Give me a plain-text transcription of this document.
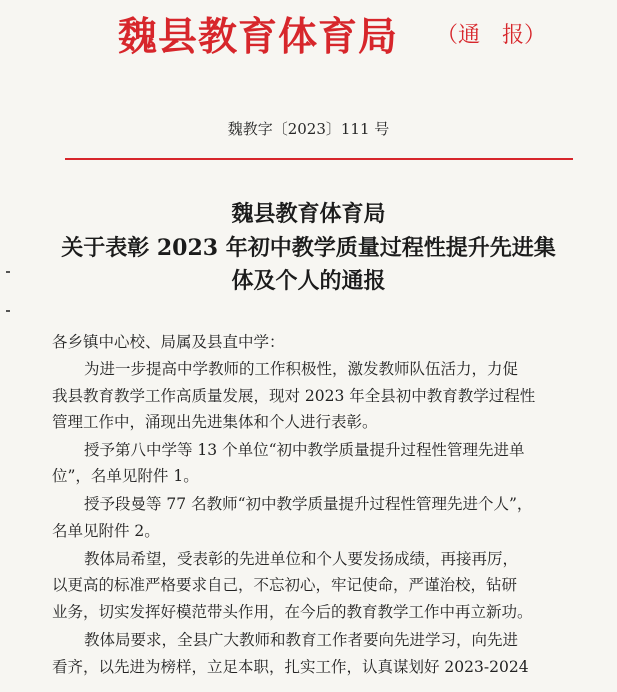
魏县教育体育局 （通　报）
魏教字〔2023〕111 号
魏县教育体育局
关于表彰 2023 年初中教学质量过程性提升先进集
体及个人的通报
各乡镇中心校、局属及县直中学：
为进一步提高中学教师的工作积极性，激发教师队伍活力，力促
我县教育教学工作高质量发展，现对 2023 年全县初中教育教学过程性
管理工作中，涌现出先进集体和个人进行表彰。
授予第八中学等 13 个单位“初中教学质量提升过程性管理先进单
位”，名单见附件 1。
授予段曼等 77 名教师“初中教学质量提升过程性管理先进个人”，
名单见附件 2。
教体局希望，受表彰的先进单位和个人要发扬成绩，再接再厉，
以更高的标准严格要求自己，不忘初心，牢记使命，严谨治校，钻研
业务，切实发挥好模范带头作用，在今后的教育教学工作中再立新功。
教体局要求，全县广大教师和教育工作者要向先进学习，向先进
看齐，以先进为榜样，立足本职，扎实工作，认真谋划好 2023-2024
